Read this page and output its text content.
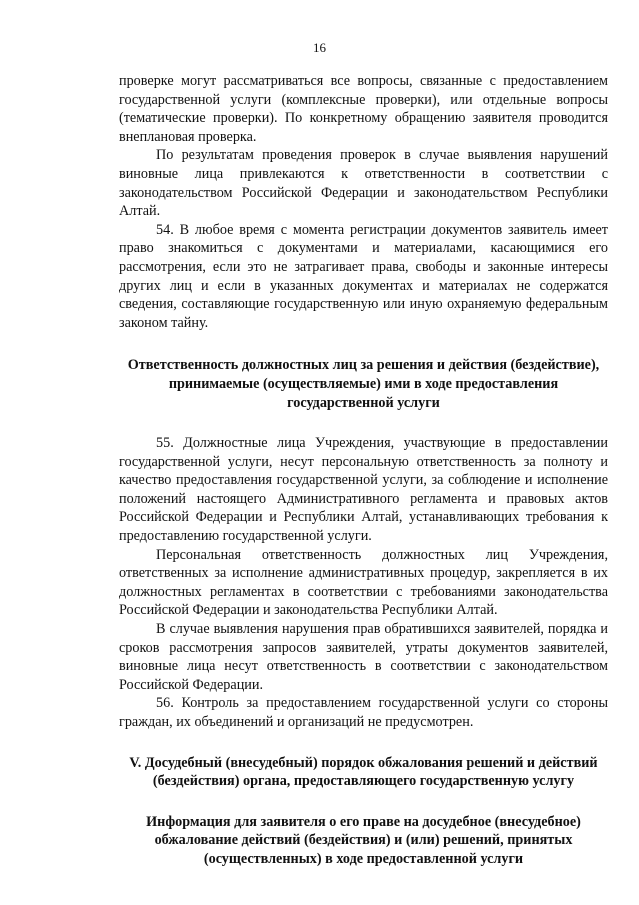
16

проверке могут рассматриваться все вопросы, связанные с предоставлением государственной услуги (комплексные проверки), или отдельные вопросы (тематические проверки). По конкретному обращению заявителя проводится внеплановая проверка.

По результатам проведения проверок в случае выявления нарушений виновные лица привлекаются к ответственности в соответствии с законодательством Российской Федерации и законодательством Республики Алтай.

54. В любое время с момента регистрации документов заявитель имеет право знакомиться с документами и материалами, касающимися его рассмотрения, если это не затрагивает права, свободы и законные интересы других лиц и если в указанных документах и материалах не содержатся сведения, составляющие государственную или иную охраняемую федеральным законом тайну.

Ответственность должностных лиц за решения и действия (бездействие), принимаемые (осуществляемые) ими в ходе предоставления государственной услуги

55. Должностные лица Учреждения, участвующие в предоставлении государственной услуги, несут персональную ответственность за полноту и качество предоставления государственной услуги, за соблюдение и исполнение положений настоящего Административного регламента и правовых актов Российской Федерации и Республики Алтай, устанавливающих требования к предоставлению государственной услуги.

Персональная ответственность должностных лиц Учреждения, ответственных за исполнение административных процедур, закрепляется в их должностных регламентах в соответствии с требованиями законодательства Российской Федерации и законодательства Республики Алтай.

В случае выявления нарушения прав обратившихся заявителей, порядка и сроков рассмотрения запросов заявителей, утраты документов заявителей, виновные лица несут ответственность в соответствии с законодательством Российской Федерации.

56. Контроль за предоставлением государственной услуги со стороны граждан, их объединений и организаций не предусмотрен.

V. Досудебный (внесудебный) порядок обжалования решений и действий (бездействия) органа, предоставляющего государственную услугу

Информация для заявителя о его праве на досудебное (внесудебное) обжалование действий (бездействия) и (или) решений, принятых (осуществленных) в ходе предоставленной услуги
